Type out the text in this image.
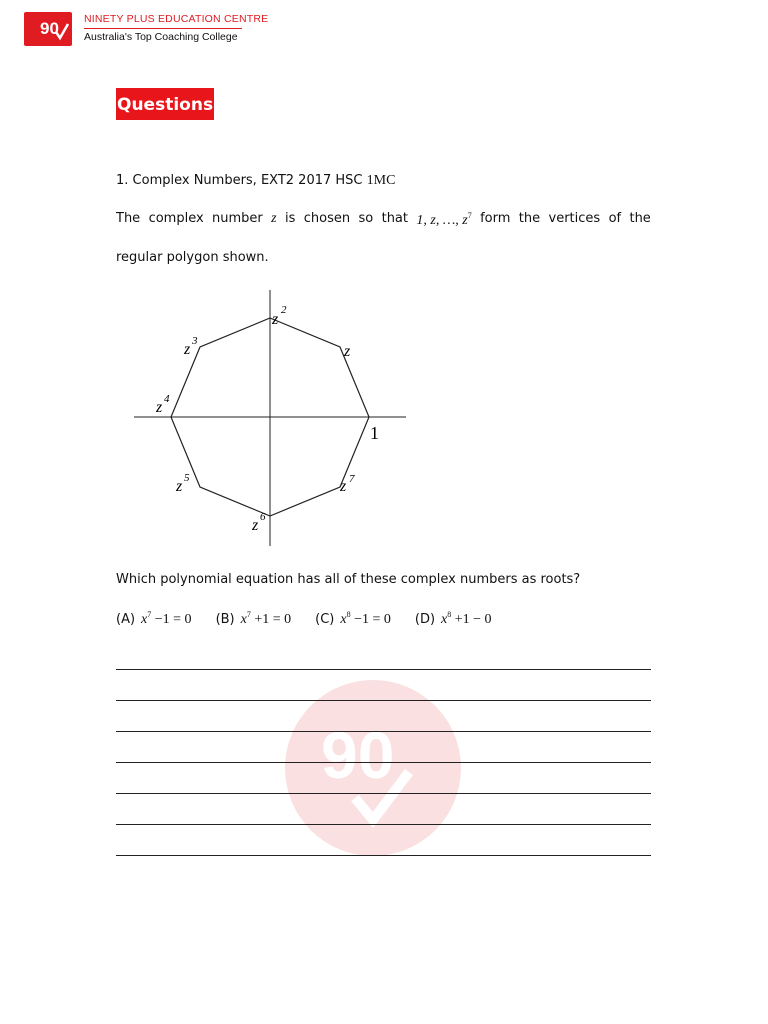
90 NINETY PLUS EDUCATION CENTRE
Australia's Top Coaching College
90
Questions
1. Complex Numbers, EXT2 2017 HSC 1MC
The complex number z is chosen so that 1, z, …, $z^7$ form the vertices of the
regular polygon shown.
1
z
z
2
z 3
z 4
z 5
z 6
z 7
Which polynomial equation has all of these complex numbers as roots?
(A) $x^7 -1 = 0$ (B) $x^7 +1 = 0$ (C) $x^8 -1 = 0$ (D) $x^8 +1 - 0$
